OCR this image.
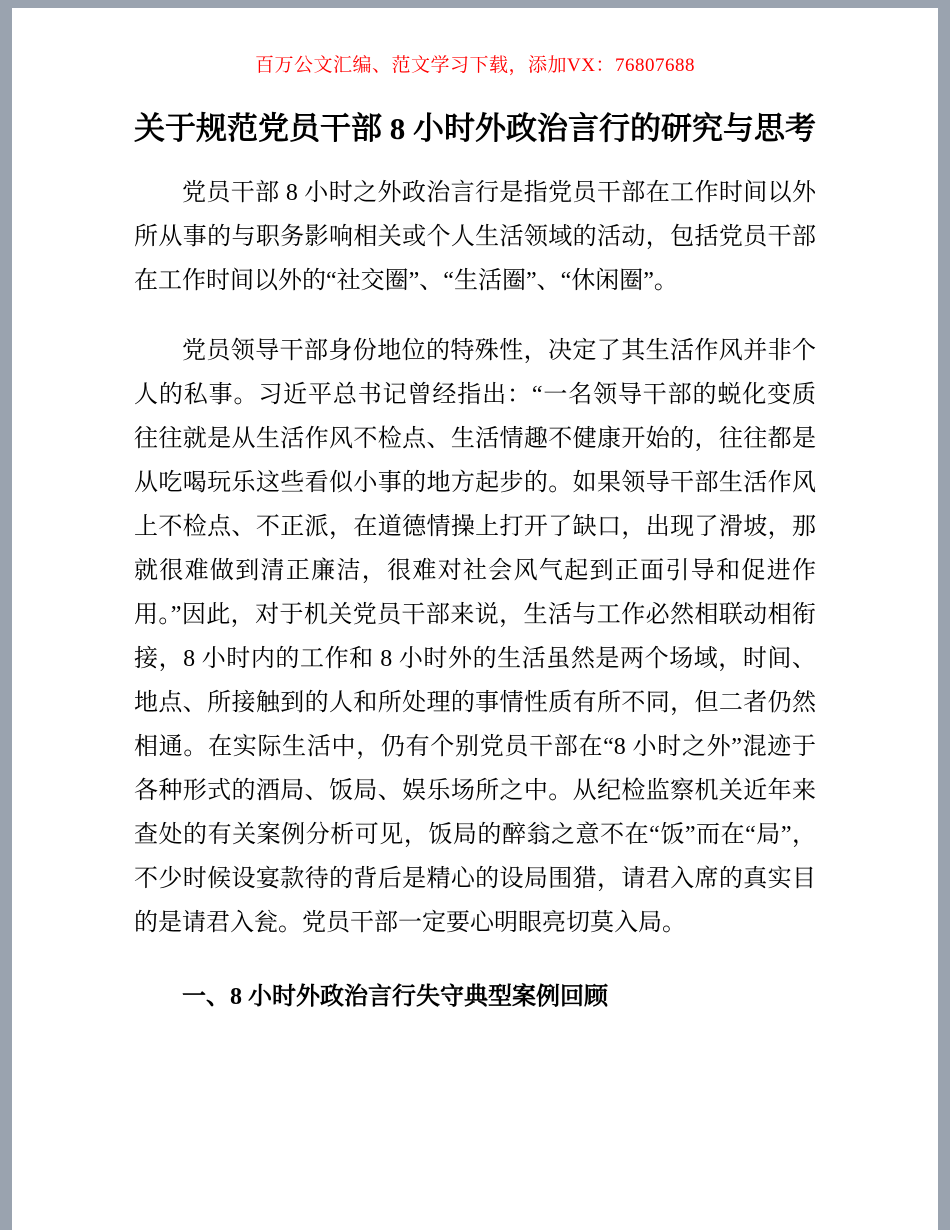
百万公文汇编、范文学习下载，添加VX：76807688
关于规范党员干部 8 小时外政治言行的研究与思考

党员干部 8 小时之外政治言行是指党员干部在工作时间以外所从事的与职务影响相关或个人生活领域的活动，包括党员干部在工作时间以外的“社交圈”、“生活圈”、“休闲圈”。

党员领导干部身份地位的特殊性，决定了其生活作风并非个人的私事。习近平总书记曾经指出：“一名领导干部的蜕化变质往往就是从生活作风不检点、生活情趣不健康开始的，往往都是从吃喝玩乐这些看似小事的地方起步的。如果领导干部生活作风上不检点、不正派，在道德情操上打开了缺口，出现了滑坡，那就很难做到清正廉洁，很难对社会风气起到正面引导和促进作用。”因此，对于机关党员干部来说，生活与工作必然相联动相衔接，8 小时内的工作和 8 小时外的生活虽然是两个场域，时间、地点、所接触到的人和所处理的事情性质有所不同，但二者仍然相通。在实际生活中，仍有个别党员干部在“8 小时之外”混迹于各种形式的酒局、饭局、娱乐场所之中。从纪检监察机关近年来查处的有关案例分析可见，饭局的醉翁之意不在“饭”而在“局”，不少时候设宴款待的背后是精心的设局围猎，请君入席的真实目的是请君入瓮。党员干部一定要心明眼亮切莫入局。

一、8 小时外政治言行失守典型案例回顾
